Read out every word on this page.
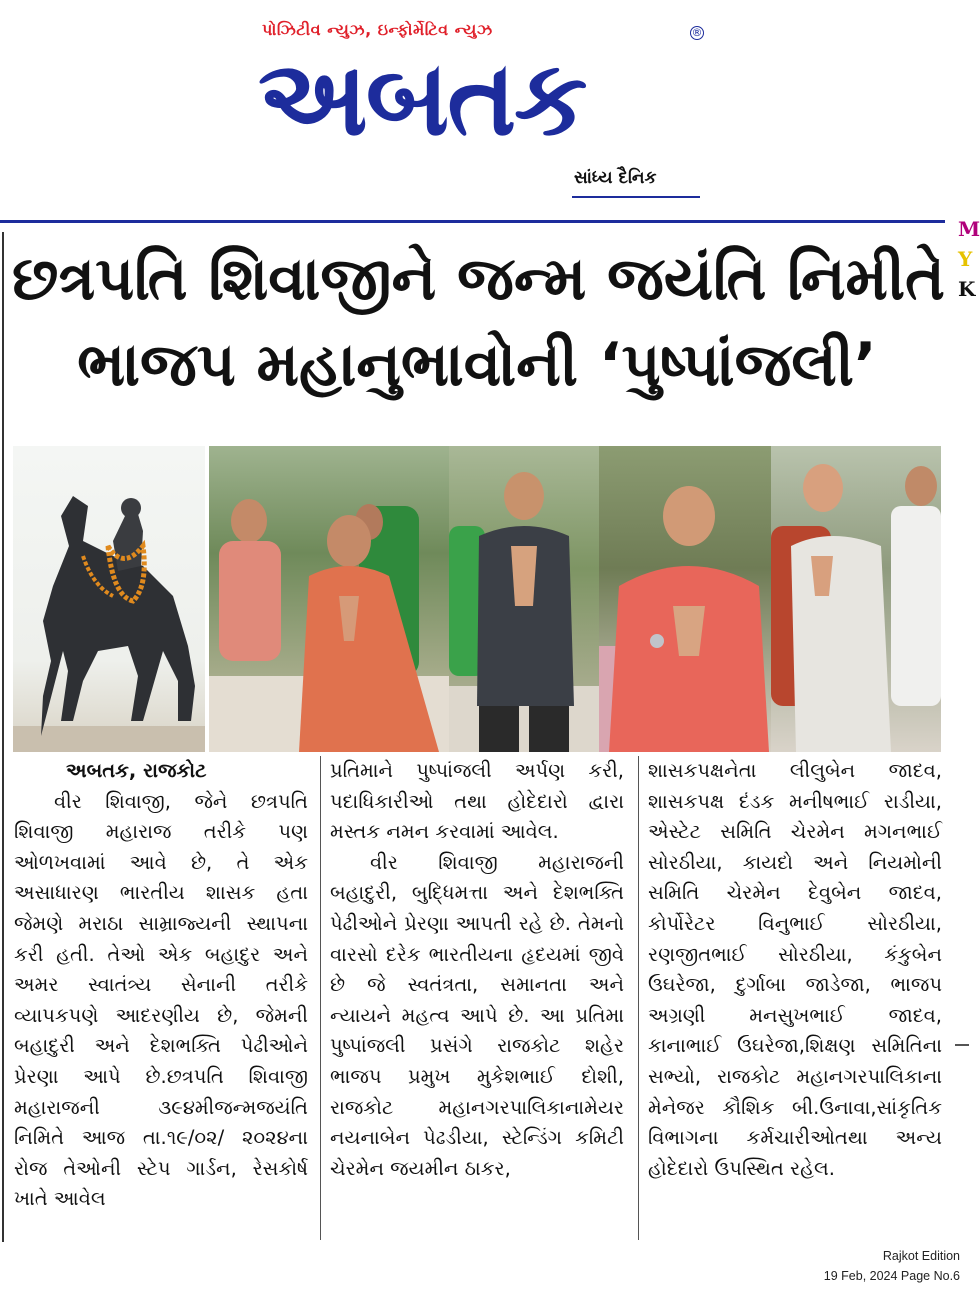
પોઝિટીવ ન્યુઝ, ઇન્ફોર્મેટિવ ન્યુઝ	®
અબતક
સાંધ્ય દૈનિક
M
Y
K
છત્રપતિ શિવાજીને જન્મ જયંતિ નિમીતે
ભાજપ મહાનુભાવોની ‘પુષ્પાંજલી’

અબતક, રાજકોટ

વીર શિવાજી, જેને છત્રપતિ શિવાજી મહારાજ તરીકે પણ ઓળખવામાં આવે છે, તે એક અસાધારણ ભારતીય શાસક હતા જેમણે મરાઠા સામ્રાજ્યની સ્થાપના કરી હતી. તેઓ એક બહાદુર અને અમર સ્વાતંત્ર્ય સેનાની તરીકે વ્યાપકપણે આદરણીય છે, જેમની બહાદુરી અને દેશભક્તિ પેઢીઓને પ્રેરણા આપે છે.છત્રપતિ શિવાજી મહારાજની ૩૯૪મીજન્મજયંતિ નિમિતે આજ તા.૧૯/૦૨/ ૨૦૨૪ના રોજ તેઓની સ્ટેપ ગાર્ડન, રેસકોર્ષ ખાતે આવેલ

પ્રતિમાને પુષ્પાંજલી અર્પણ કરી, પદાધિકારીઓ તથા હોદેદારો દ્વારા મસ્તક નમન કરવામાં આવેલ.

વીર શિવાજી મહારાજની બહાદુરી, બુદ્ધિમત્તા અને દેશભક્તિ પેઢીઓને પ્રેરણા આપતી રહે છે. તેમનો વારસો દરેક ભારતીયના હૃદયમાં જીવે છે જે સ્વતંત્રતા, સમાનતા અને ન્યાયને મહત્વ આપે છે. આ પ્રતિમા પુષ્પાંજલી પ્રસંગે રાજકોટ શહેર ભાજપ પ્રમુખ મુકેશભાઈ દોશી, રાજકોટ મહાનગરપાલિકાનામેયર નયનાબેન પેઢડીયા, સ્ટેન્ડિંગ કમિટી ચેરમેન જયમીન ઠાકર,

શાસકપક્ષનેતા લીલુબેન જાદવ, શાસકપક્ષ દંડક મનીષભાઈ રાડીયા, એસ્ટેટ સમિતિ ચેરમેન મગનભાઈ સોરઠીયા, કાયદો અને નિયમોની સમિતિ ચેરમેન દેવુબેન જાદવ, કોર્પોરેટર વિનુભાઈ સોરઠીયા, રણજીતભાઈ સોરઠીયા, કંકુબેન ઉઘરેજા, દુર્ગાબા જાડેજા, ભાજપ અગ્રણી મનસુખભાઈ જાદવ, કાનાભાઈ ઉઘરેજા,શિક્ષણ સમિતિના સભ્યો, રાજકોટ મહાનગરપાલિકાના મેનેજર કૌશિક બી.ઉનાવા,સાંકૃતિક વિભાગના કર્મચારીઓતથા અન્ય હોદેદારો ઉપસ્થિત રહેલ.

Rajkot Edition
19 Feb, 2024 Page No.6
